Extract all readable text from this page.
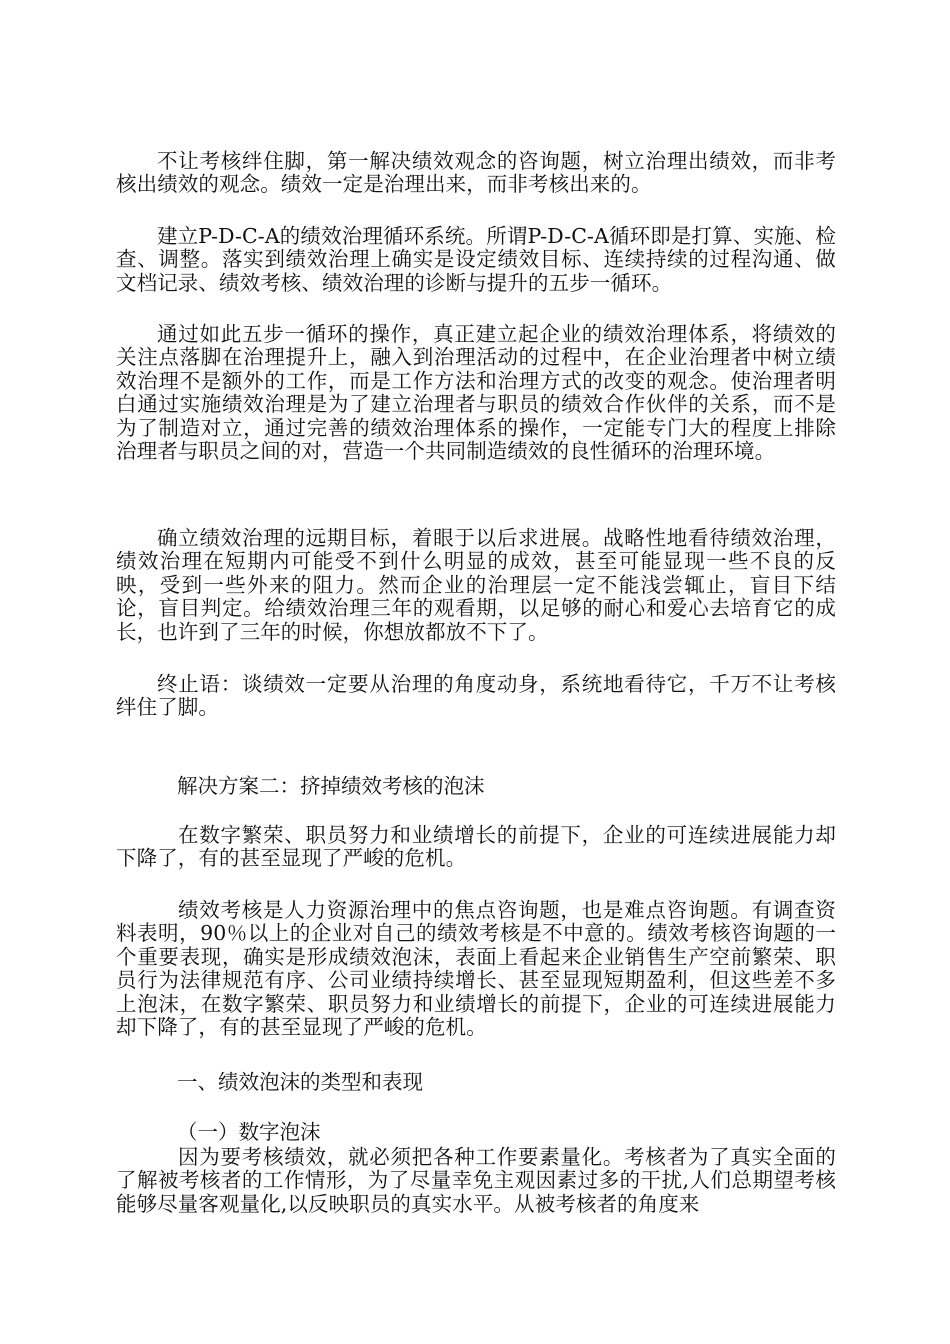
不让考核绊住脚，第一解决绩效观念的咨询题，树立治理出绩效，而非考核出绩效的观念。绩效一定是治理出来，而非考核出来的。

建立P-D-C-A的绩效治理循环系统。所谓P-D-C-A循环即是打算、实施、检查、调整。落实到绩效治理上确实是设定绩效目标、连续持续的过程沟通、做文档记录、绩效考核、绩效治理的诊断与提升的五步一循环。

通过如此五步一循环的操作，真正建立起企业的绩效治理体系，将绩效的关注点落脚在治理提升上，融入到治理活动的过程中，在企业治理者中树立绩效治理不是额外的工作，而是工作方法和治理方式的改变的观念。使治理者明白通过实施绩效治理是为了建立治理者与职员的绩效合作伙伴的关系，而不是为了制造对立，通过完善的绩效治理体系的操作，一定能专门大的程度上排除治理者与职员之间的对，营造一个共同制造绩效的良性循环的治理环境。

确立绩效治理的远期目标，着眼于以后求进展。战略性地看待绩效治理，绩效治理在短期内可能受不到什么明显的成效，甚至可能显现一些不良的反映，受到一些外来的阻力。然而企业的治理层一定不能浅尝辄止，盲目下结论，盲目判定。给绩效治理三年的观看期，以足够的耐心和爱心去培育它的成长，也许到了三年的时候，你想放都放不下了。

终止语：谈绩效一定要从治理的角度动身，系统地看待它，千万不让考核绊住了脚。

解决方案二：挤掉绩效考核的泡沫

在数字繁荣、职员努力和业绩增长的前提下，企业的可连续进展能力却下降了，有的甚至显现了严峻的危机。

绩效考核是人力资源治理中的焦点咨询题，也是难点咨询题。有调查资料表明，90％以上的企业对自己的绩效考核是不中意的。绩效考核咨询题的一个重要表现，确实是形成绩效泡沫，表面上看起来企业销售生产空前繁荣、职员行为法律规范有序、公司业绩持续增长、甚至显现短期盈利，但这些差不多上泡沫，在数字繁荣、职员努力和业绩增长的前提下，企业的可连续进展能力却下降了，有的甚至显现了严峻的危机。

一、绩效泡沫的类型和表现

（一）数字泡沫

因为要考核绩效，就必须把各种工作要素量化。考核者为了真实全面的了解被考核者的工作情形，为了尽量幸免主观因素过多的干扰,人们总期望考核能够尽量客观量化,以反映职员的真实水平。从被考核者的角度来
